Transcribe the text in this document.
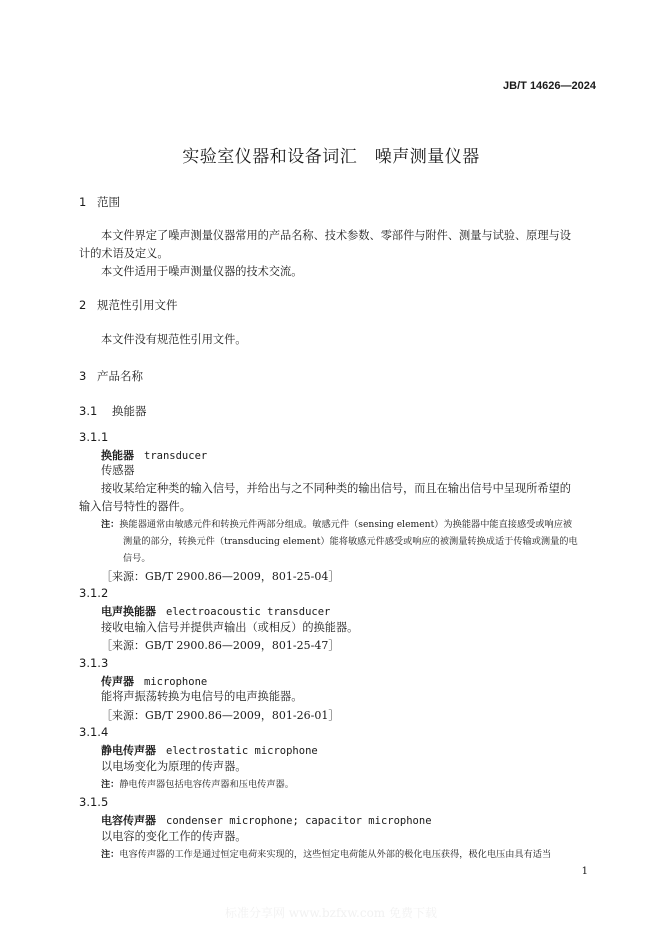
JB/T 14626—2024
实验室仪器和设备词汇　噪声测量仪器
1 范围
本文件界定了噪声测量仪器常用的产品名称、技术参数、零部件与附件、测量与试验、原理与设
计的术语及定义。
本文件适用于噪声测量仪器的技术交流。
2 规范性引用文件
本文件没有规范性引用文件。
3 产品名称
3.1 换能器
3.1.1
换能器 transducer
传感器
接收某给定种类的输入信号，并给出与之不同种类的输出信号，而且在输出信号中呈现所希望的
输入信号特性的器件。
注：换能器通常由敏感元件和转换元件两部分组成。敏感元件（sensing element）为换能器中能直接感受或响应被
测量的部分，转换元件（transducing element）能将敏感元件感受或响应的被测量转换成适于传输或测量的电
信号。
［来源：GB/T 2900.86—2009，801-25-04］
3.1.2
电声换能器 electroacoustic transducer
接收电输入信号并提供声输出（或相反）的换能器。
［来源：GB/T 2900.86—2009，801-25-47］
3.1.3
传声器 microphone
能将声振荡转换为电信号的电声换能器。
［来源：GB/T 2900.86—2009，801-26-01］
3.1.4
静电传声器 electrostatic microphone
以电场变化为原理的传声器。
注：静电传声器包括电容传声器和压电传声器。
3.1.5
电容传声器 condenser microphone; capacitor microphone
以电容的变化工作的传声器。
注：电容传声器的工作是通过恒定电荷来实现的，这些恒定电荷能从外部的极化电压获得，极化电压由具有适当
1
标准分享网 www.bzfxw.com 免费下载
